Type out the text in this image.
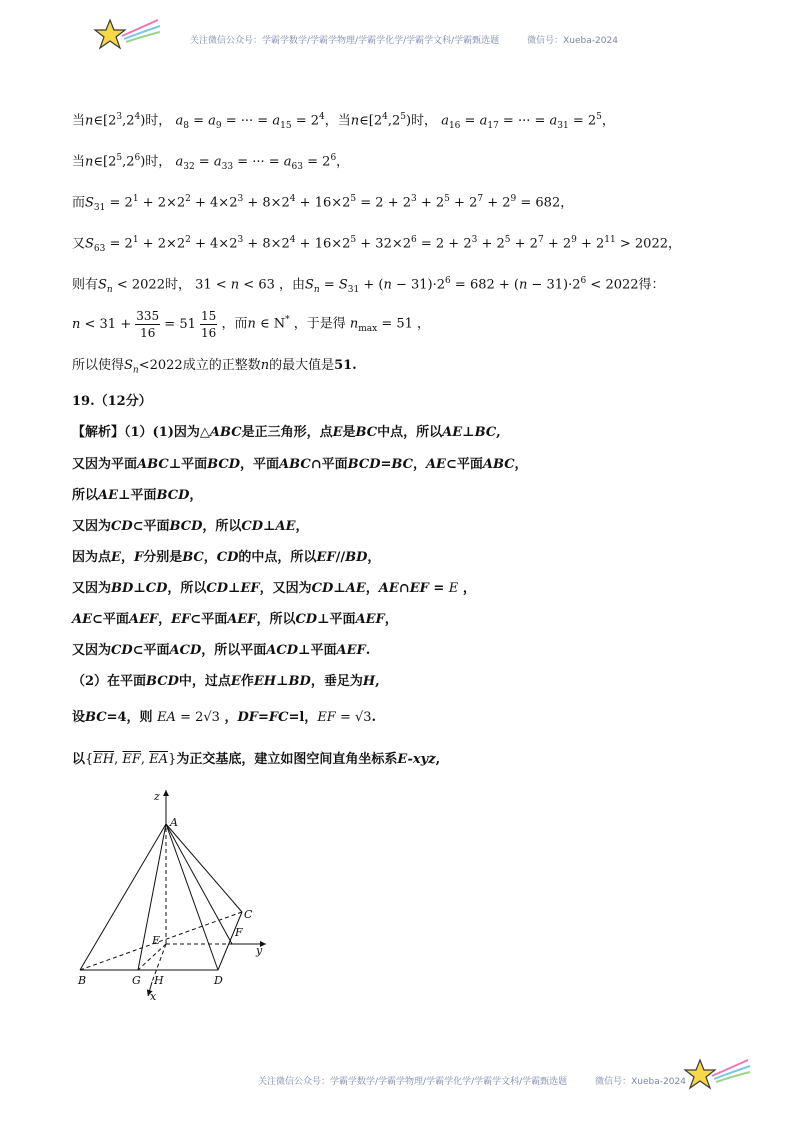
关注微信公众号：学霸学数学/学霸学物理/学霸学化学/学霸学文科/学霸甄选题	微信号：Xueba-2024
当$n\in[2^3,2^4)$时， $a_8 = a_9$ = ··· = $a_{15} = 2^4$，当$n\in[2^4,2^5)$时， $a_{16} = a_{17}$ = ··· = $a_{31} = 2^5$，
当$n\in[2^5,2^6)$时， $a_{32} = a_{33}$ = ··· = $a_{63} = 2^6$，
而$S_{31} = 2^1 + 2\times 2^2 + 4\times 2^3 + 8\times 2^4 + 16\times 2^5 = 2 + 2^3 + 2^5 + 2^7 + 2^9 = 682$，
又$S_{63} = 2^1 + 2\times 2^2 + 4\times 2^3 + 8\times 2^4 + 16\times 2^5 + 32\times 2^6 = 2 + 2^3 + 2^5 + 2^7 + 2^9 + 2^{11} > 2022$，
则有$S_n < 2022$时， 31 < n < 63 ，由$S_n = S_{31} + (n - 31)\cdot 2^6 = 682 + (n - 31)\cdot 2^6 < 2022$得：
$n < 31 + \frac{335}{16} = 51 \frac{15}{16}$ ，而n ∈ N* ，于是得 $n_{max} = 51$ ，
所以使得$S_n<2022$成立的正整数n的最大值是51.
19.（12分）
【解析】（1）(1)因为△ABC是正三角形，点E是BC中点，所以AE⊥BC,
又因为平面ABC⊥平面BCD，平面ABC∩平面BCD=BC，AE⊂平面ABC，
所以AE⊥平面BCD，
又因为CD⊂平面BCD，所以CD⊥AE，
因为点E，F分别是BC，CD的中点，所以EF//BD，
又因为BD⊥CD，所以CD⊥EF，又因为CD⊥AE，AE∩EF = E ，
AE⊂平面AEF，EF⊂平面AEF，所以CD⊥平面AEF，
又因为CD⊂平面ACD，所以平面ACD⊥平面AEF.
（2）在平面BCD中，过点E作EH⊥BD，垂足为H,
设BC=4，则 EA = 2√3 ，DF=FC=l，EF = √3.
以{$\overline{EH}$, $\overline{EF}$, $\overline{EA}$}为正交基底，建立如图空间直角坐标系E-xyz,
z
A
C
F
y
E
B	G H	D
x
关注微信公众号：学霸学数学/学霸学物理/学霸学化学/学霸学文科/学霸甄选题	微信号：Xueba-2024
